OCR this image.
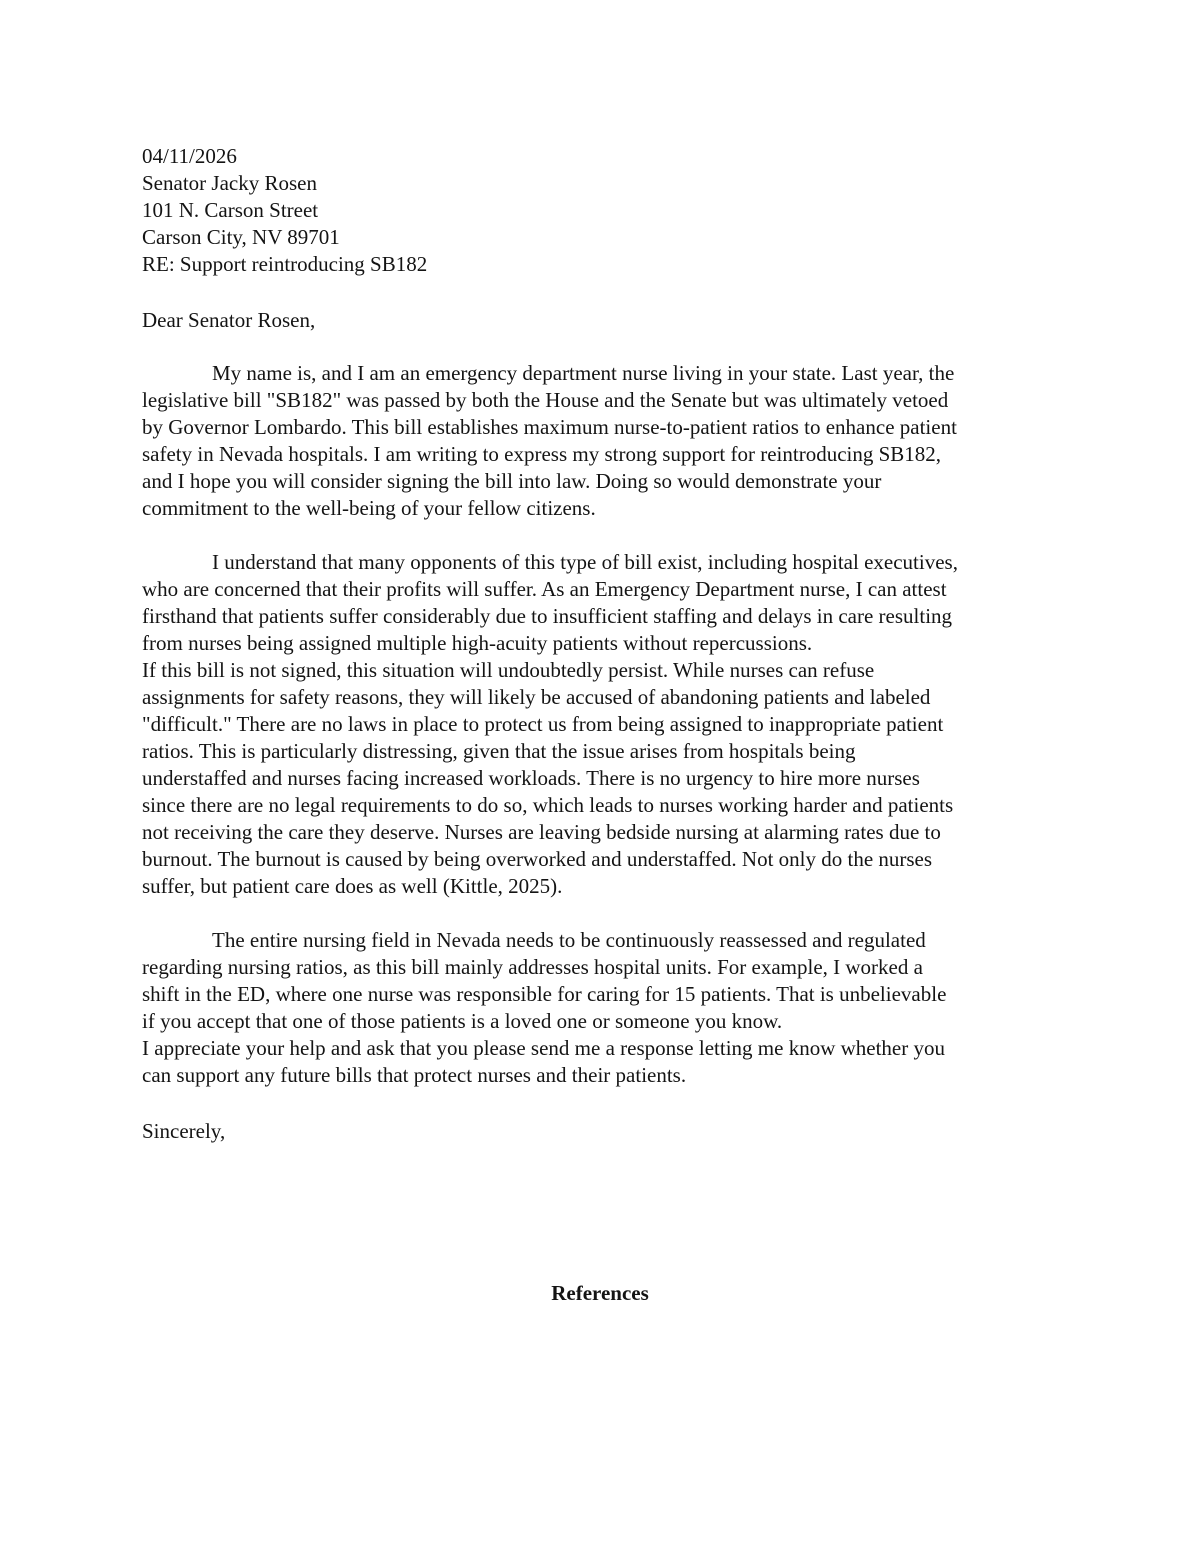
04/11/2026

Senator Jacky Rosen

101 N. Carson Street

Carson City, NV 89701

RE: Support reintroducing SB182

Dear Senator Rosen,

My name is, and I am an emergency department nurse living in your state. Last year, the

legislative bill "SB182" was passed by both the House and the Senate but was ultimately vetoed

by Governor Lombardo. This bill establishes maximum nurse-to-patient ratios to enhance patient

safety in Nevada hospitals. I am writing to express my strong support for reintroducing SB182,

and I hope you will consider signing the bill into law. Doing so would demonstrate your

commitment to the well-being of your fellow citizens.

I understand that many opponents of this type of bill exist, including hospital executives,

who are concerned that their profits will suffer. As an Emergency Department nurse, I can attest

firsthand that patients suffer considerably due to insufficient staffing and delays in care resulting

from nurses being assigned multiple high-acuity patients without repercussions.

If this bill is not signed, this situation will undoubtedly persist. While nurses can refuse

assignments for safety reasons, they will likely be accused of abandoning patients and labeled

"difficult." There are no laws in place to protect us from being assigned to inappropriate patient

ratios. This is particularly distressing, given that the issue arises from hospitals being

understaffed and nurses facing increased workloads. There is no urgency to hire more nurses

since there are no legal requirements to do so, which leads to nurses working harder and patients

not receiving the care they deserve. Nurses are leaving bedside nursing at alarming rates due to

burnout. The burnout is caused by being overworked and understaffed. Not only do the nurses

suffer, but patient care does as well (Kittle, 2025).

The entire nursing field in Nevada needs to be continuously reassessed and regulated

regarding nursing ratios, as this bill mainly addresses hospital units. For example, I worked a

shift in the ED, where one nurse was responsible for caring for 15 patients. That is unbelievable

if you accept that one of those patients is a loved one or someone you know.

I appreciate your help and ask that you please send me a response letting me know whether you

can support any future bills that protect nurses and their patients.

Sincerely,

References
